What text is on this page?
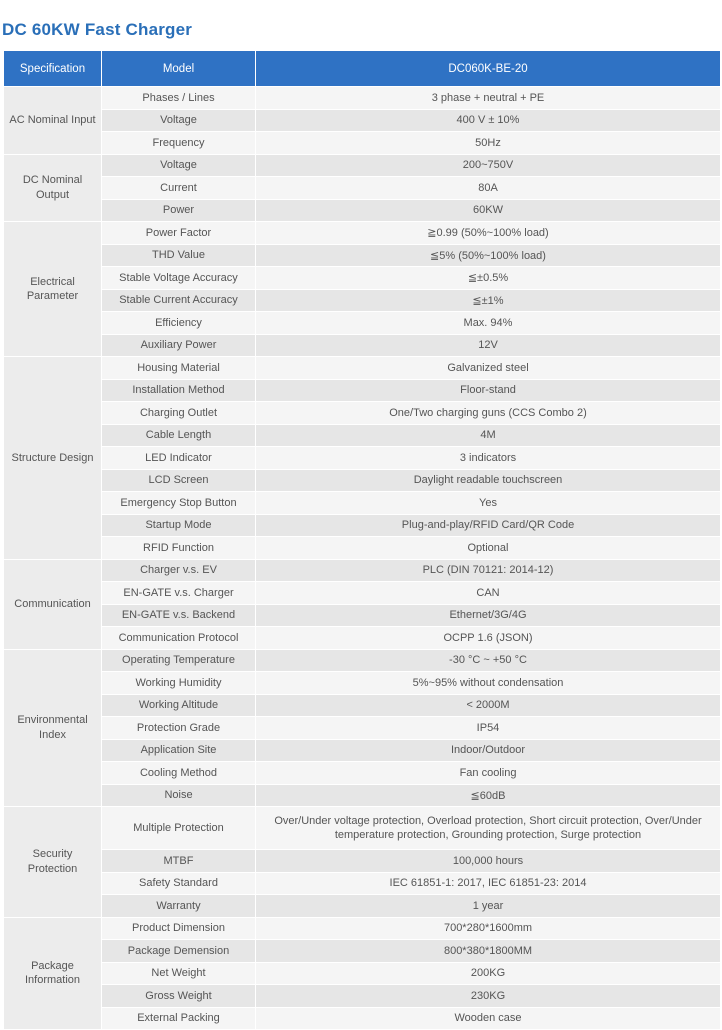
DC 60KW Fast Charger
Specification	Model	DC060K-BE-20
AC Nominal Input	Phases / Lines	3 phase + neutral + PE
	Voltage	400 V ± 10%
	Frequency	50Hz
DC Nominal Output	Voltage	200~750V
	Current	80A
	Power	60KW
Electrical Parameter	Power Factor	≧0.99 (50%~100% load)
	THD Value	≦5% (50%~100% load)
	Stable Voltage Accuracy	≦±0.5%
	Stable Current Accuracy	≦±1%
	Efficiency	Max. 94%
	Auxiliary Power	12V
Structure Design	Housing Material	Galvanized steel
	Installation Method	Floor-stand
	Charging Outlet	One/Two charging guns (CCS Combo 2)
	Cable Length	4M
	LED Indicator	3 indicators
	LCD Screen	Daylight readable touchscreen
	Emergency Stop Button	Yes
	Startup Mode	Plug-and-play/RFID Card/QR Code
	RFID Function	Optional
Communication	Charger v.s. EV	PLC (DIN 70121: 2014-12)
	EN-GATE v.s. Charger	CAN
	EN-GATE v.s. Backend	Ethernet/3G/4G
	Communication Protocol	OCPP 1.6 (JSON)
Environmental Index	Operating Temperature	-30 °C ~ +50 °C
	Working Humidity	5%~95% without condensation
	Working Altitude	< 2000M
	Protection Grade	IP54
	Application Site	Indoor/Outdoor
	Cooling Method	Fan cooling
	Noise	≦60dB
Security Protection	Multiple Protection	Over/Under voltage protection, Overload protection, Short circuit protection, Over/Under temperature protection, Grounding protection, Surge protection
	MTBF	100,000 hours
	Safety Standard	IEC 61851-1: 2017, IEC 61851-23: 2014
	Warranty	1 year
Package Information	Product Dimension	700*280*1600mm
	Package Demension	800*380*1800MM
	Net Weight	200KG
	Gross Weight	230KG
	External Packing	Wooden case
